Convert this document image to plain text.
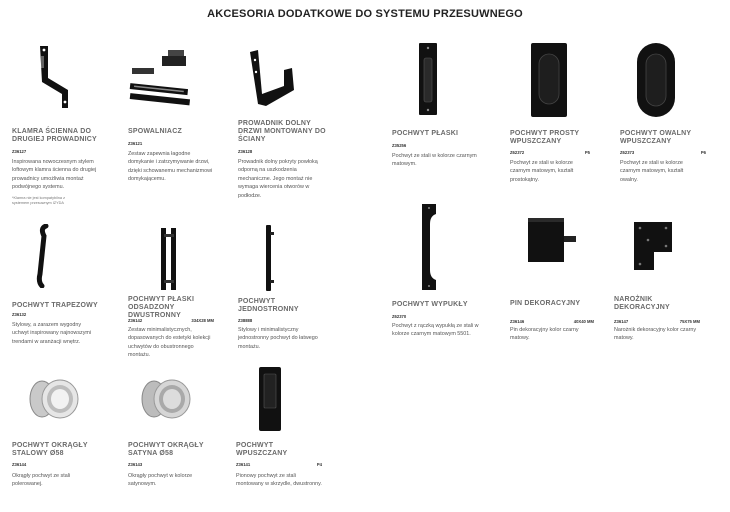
AKCESORIA DODATKOWE DO SYSTEMU PRZESUWNEGO
KLAMRA ŚCIENNA DO DRUGIEJ PROWADNICY
Z36127
Inspirowana nowoczesnym stylem loftowym klamra ścienna do drugiej prowadnicy umożliwia montaż podwójnego systemu.
*Klamra nie jest kompatybilna z systemem przesuwnym IZYDA
SPOWALNIACZ
Z36121
Zestaw zapewnia łagodne domykanie i zatrzymywanie drzwi, dzięki schowanemu mechanizmowi domykającemu.
PROWADNIK DOLNY DRZWI MONTOWANY DO ŚCIANY
Z36128
Prowadnik dolny pokryty powłoką odporną na uszkodzenia mechaniczne. Jego montaż nie wymaga wiercenia otworów w podłodze.
POCHWYT PŁASKI
Z35256
Pochwyt ze stali w kolorze czarnym matowym.
POCHWYT PROSTY WPUSZCZANY
Z62372	P5
Pochwyt ze stali w kolorze czarnym matowym, kształt prostokątny.
POCHWYT OWALNY WPUSZCZANY
Z62373	P6
Pochwyt ze stali w kolorze czarnym matowym, kształt owalny.
POCHWYT TRAPEZOWY
Z36132
Stylowy, a zarazem wygodny uchwyt inspirowany najnowszymi trendami w aranżacji wnętrz.
POCHWYT PŁASKI ODSADZONY DWUSTRONNY
Z36142	334X28 MM
Zestaw minimalistycznych, dopasowanych do estetyki kolekcji uchwytów do obustronnego montażu.
POCHWYT JEDNOSTRONNY
Z38888
Stylowy i minimalistyczny jednostronny pochwyt do łatwego montażu.
POCHWYT WYPUKŁY
Z62370
Pochwyt z rączką wypukłą ze stali w kolorze czarnym matowym 5501.
PIN DEKORACYJNY
Z36146	40X40 MM
Pin dekoracyjny kolor czarny matowy.
NAROŻNIK DEKORACYJNY
Z36147	75X75 MM
Narożnik dekoracyjny kolor czarny matowy.
POCHWYT OKRĄGŁY STALOWY Ø58
Z36144
Okrągły pochwyt ze stali polerowanej.
POCHWYT OKRĄGŁY SATYNA Ø58
Z36143
Okrągły pochwyt w kolorze satynowym.
POCHWYT WPUSZCZANY
Z36141	P4
Pionowy pochwyt ze stali montowany w skrzydle, dwustronny.
